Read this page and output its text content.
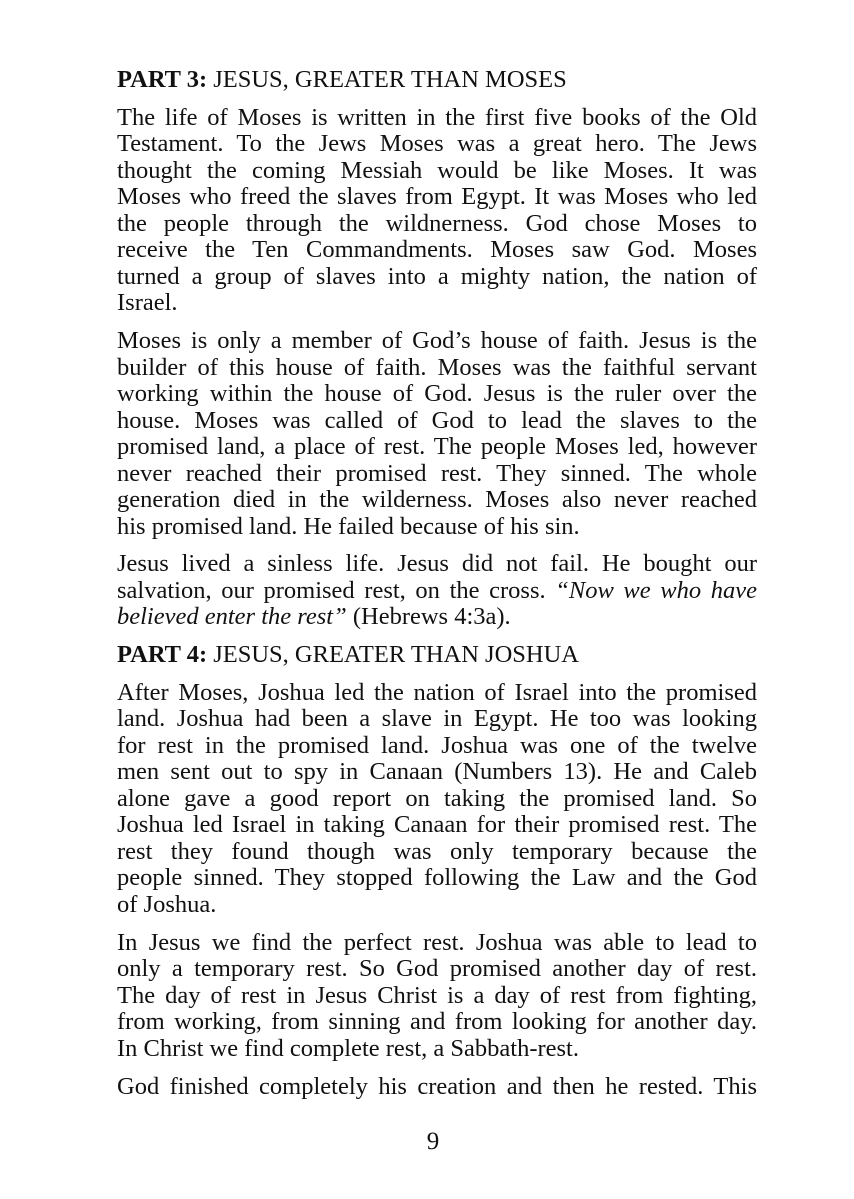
PART 3: JESUS, GREATER THAN MOSES
The life of Moses is written in the first five books of the Old
Testament. To the Jews Moses was a great hero. The Jews
thought the coming Messiah would be like Moses. It was
Moses who freed the slaves from Egypt. It was Moses who led
the people through the wildnerness. God chose Moses to
receive the Ten Commandments. Moses saw God. Moses
turned a group of slaves into a mighty nation, the nation of
Israel.
Moses is only a member of God’s house of faith. Jesus is the
builder of this house of faith. Moses was the faithful servant
working within the house of God. Jesus is the ruler over the
house. Moses was called of God to lead the slaves to the
promised land, a place of rest. The people Moses led, however
never reached their promised rest. They sinned. The whole
generation died in the wilderness. Moses also never reached
his promised land. He failed because of his sin.
Jesus lived a sinless life. Jesus did not fail. He bought our
salvation, our promised rest, on the cross. “Now we who have
believed enter the rest” (Hebrews 4:3a).
PART 4: JESUS, GREATER THAN JOSHUA
After Moses, Joshua led the nation of Israel into the promised
land. Joshua had been a slave in Egypt. He too was looking
for rest in the promised land. Joshua was one of the twelve
men sent out to spy in Canaan (Numbers 13). He and Caleb
alone gave a good report on taking the promised land. So
Joshua led Israel in taking Canaan for their promised rest. The
rest they found though was only temporary because the
people sinned. They stopped following the Law and the God
of Joshua.
In Jesus we find the perfect rest. Joshua was able to lead to
only a temporary rest. So God promised another day of rest.
The day of rest in Jesus Christ is a day of rest from fighting,
from working, from sinning and from looking for another day.
In Christ we find complete rest, a Sabbath-rest.
God finished completely his creation and then he rested. This
9
